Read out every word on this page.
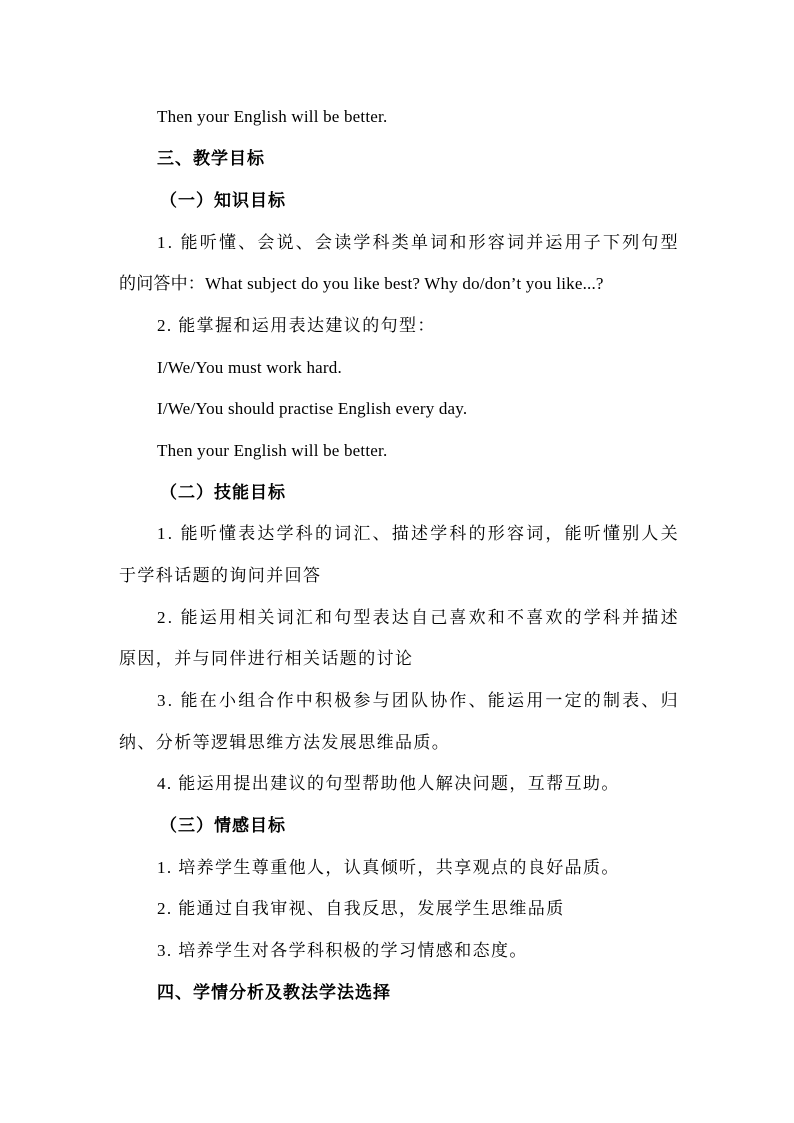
Then your English will be better.
三、教学目标
（一）知识目标
1. 能听懂、会说、会读学科类单词和形容词并运用子下列句型
的问答中：What subject do you like best? Why do/don’t you like...?
2. 能掌握和运用表达建议的句型：
I/We/You must work hard.
I/We/You should practise English every day.
Then your English will be better.
（二）技能目标
1. 能听懂表达学科的词汇、描述学科的形容词，能听懂别人关
于学科话题的询问并回答
2. 能运用相关词汇和句型表达自己喜欢和不喜欢的学科并描述
原因，并与同伴进行相关话题的讨论
3. 能在小组合作中积极参与团队协作、能运用一定的制表、归
纳、分析等逻辑思维方法发展思维品质。
4. 能运用提出建议的句型帮助他人解决问题，互帮互助。
（三）情感目标
1. 培养学生尊重他人，认真倾听，共享观点的良好品质。
2. 能通过自我审视、自我反思，发展学生思维品质
3. 培养学生对各学科积极的学习情感和态度。
四、学情分析及教法学法选择
